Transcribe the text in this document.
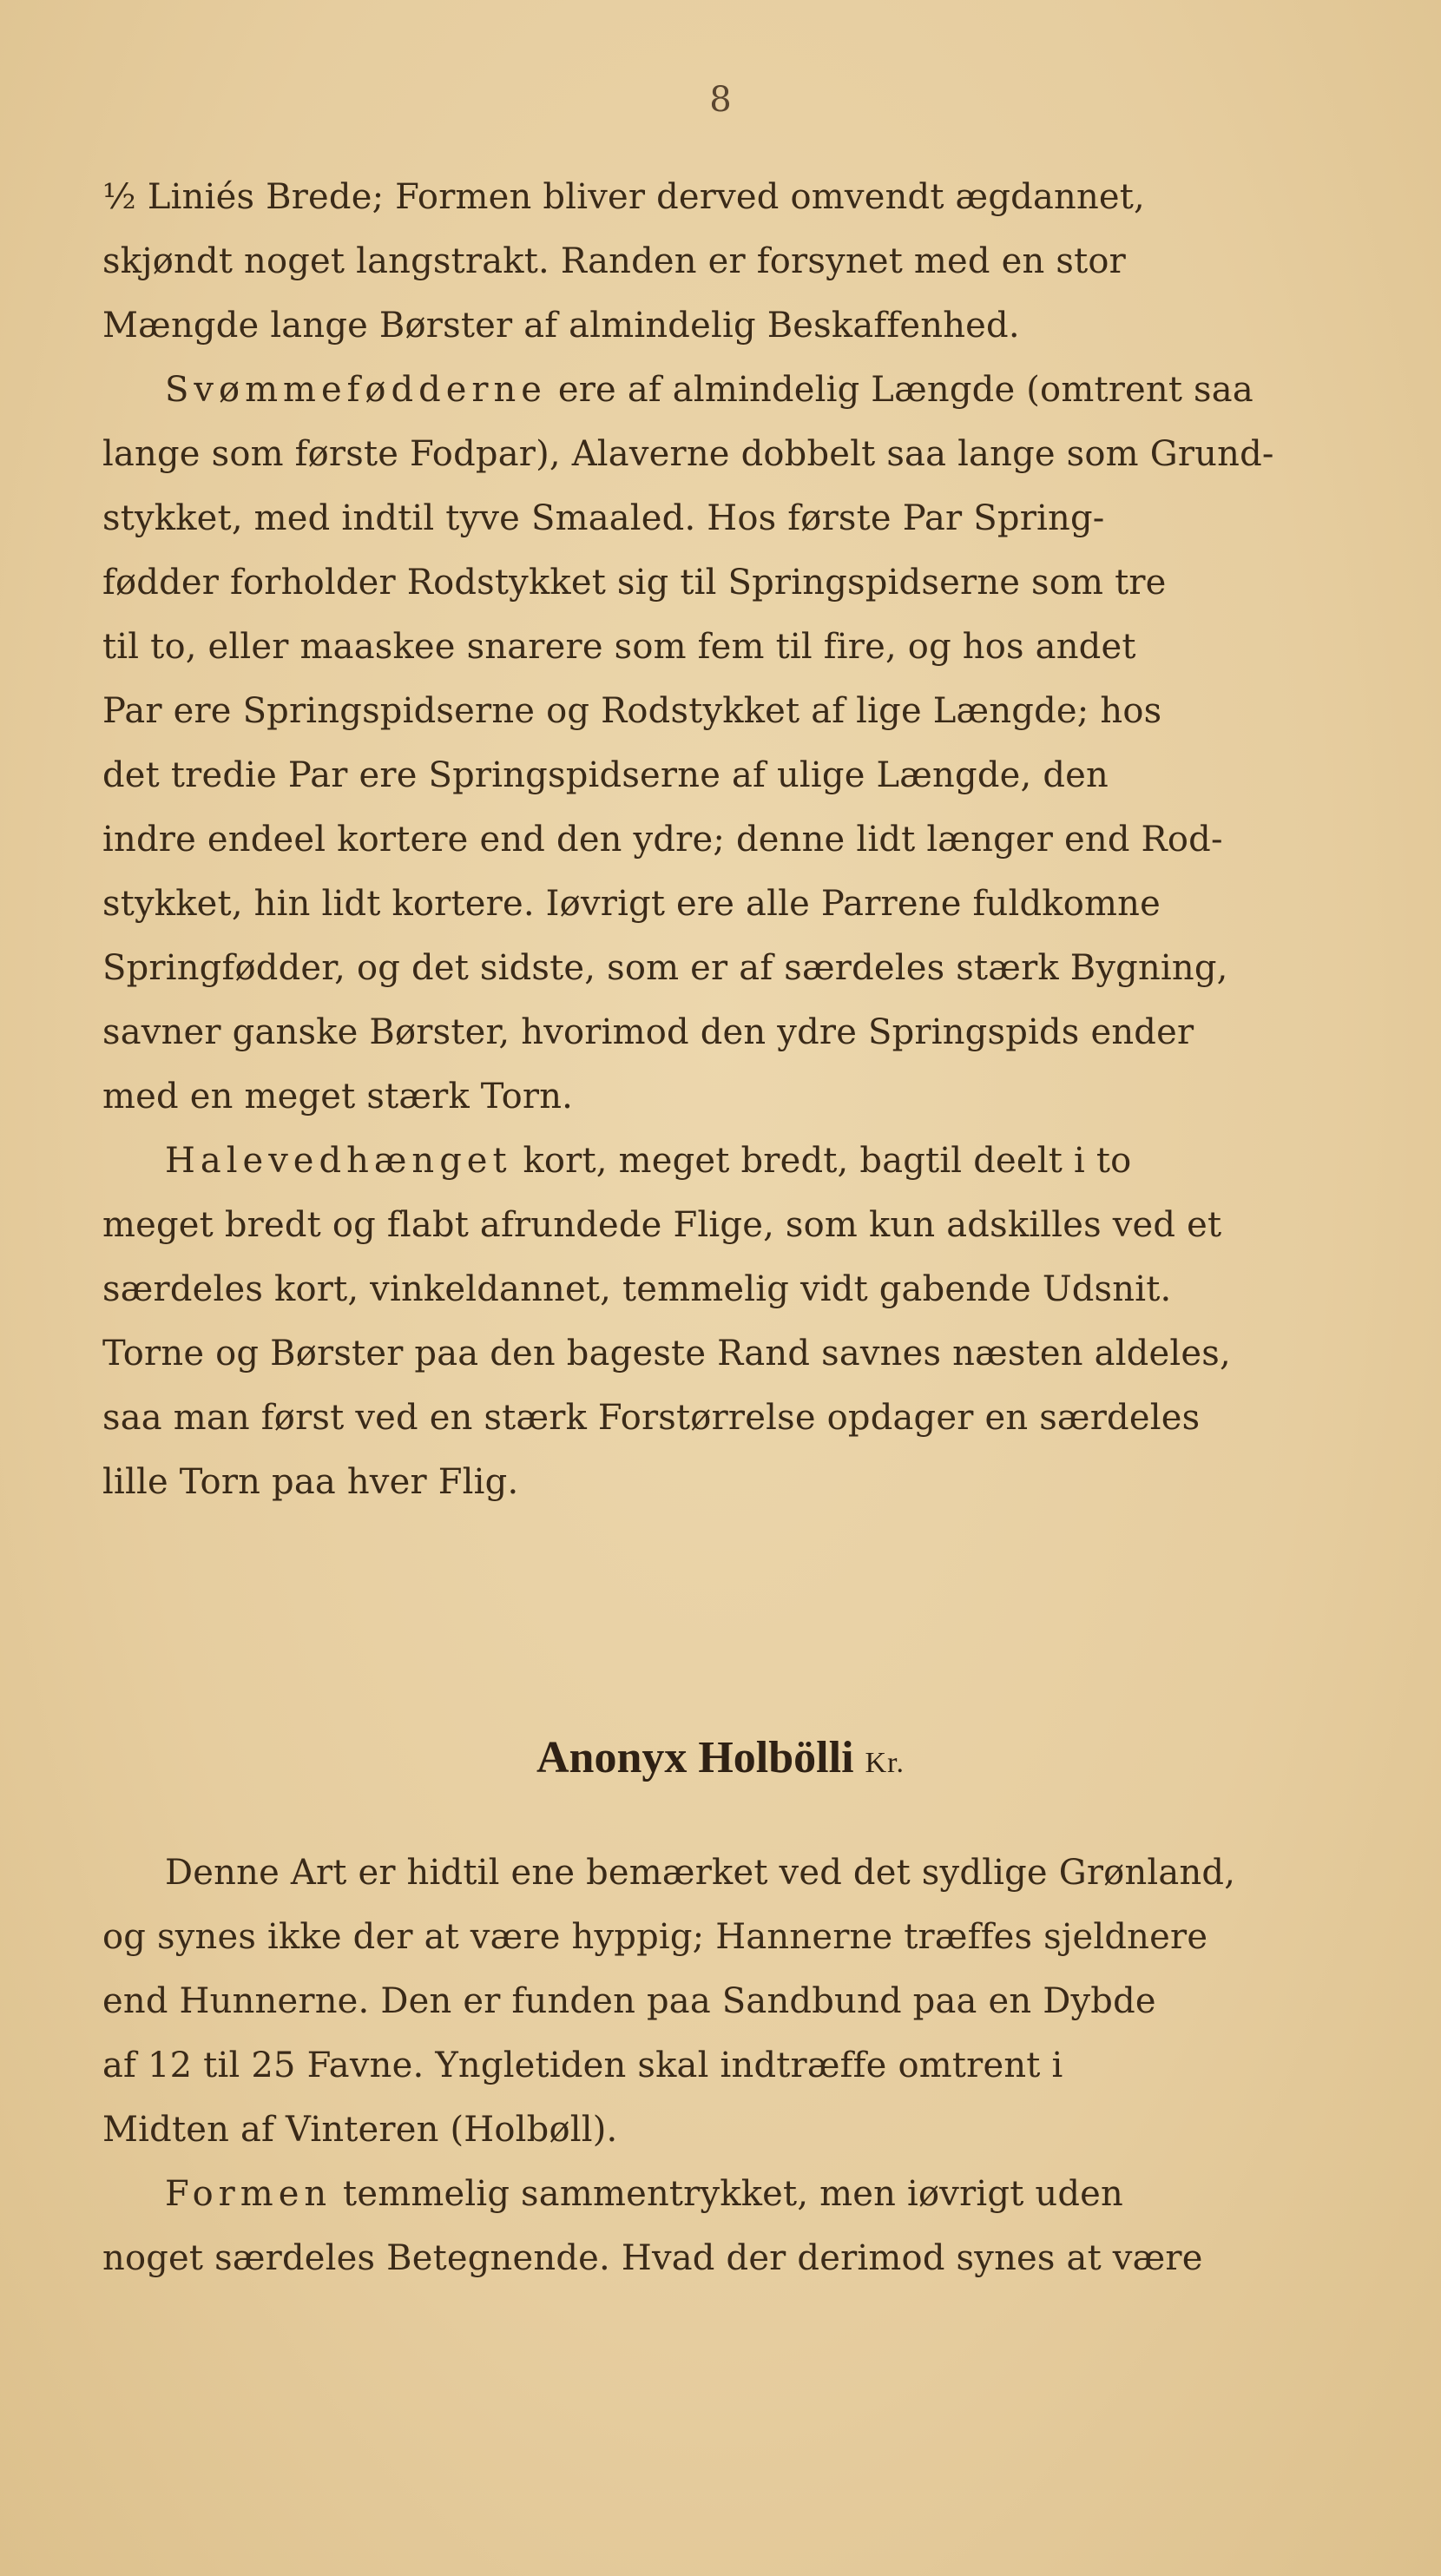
8

½ Liniés Brede; Formen bliver derved omvendt ægdannet,
skjøndt noget langstrakt. Randen er forsynet med en stor
Mængde lange Børster af almindelig Beskaffenhed.

Svømmefødderne ere af almindelig Længde (omtrent saa
lange som første Fodpar), Alaverne dobbelt saa lange som Grund-
stykket, med indtil tyve Smaaled. Hos første Par Spring-
fødder forholder Rodstykket sig til Springspidserne som tre
til to, eller maaskee snarere som fem til fire, og hos andet
Par ere Springspidserne og Rodstykket af lige Længde; hos
det tredie Par ere Springspidserne af ulige Længde, den
indre endeel kortere end den ydre; denne lidt længer end Rod-
stykket, hin lidt kortere. Iøvrigt ere alle Parrene fuldkomne
Springfødder, og det sidste, som er af særdeles stærk Bygning,
savner ganske Børster, hvorimod den ydre Springspids ender
med en meget stærk Torn.

Halevedhænget kort, meget bredt, bagtil deelt i to
meget bredt og flabt afrundede Flige, som kun adskilles ved et
særdeles kort, vinkeldannet, temmelig vidt gabende Udsnit.
Torne og Børster paa den bageste Rand savnes næsten aldeles,
saa man først ved en stærk Forstørrelse opdager en særdeles
lille Torn paa hver Flig.

Anonyx Holbölli Kr.

Denne Art er hidtil ene bemærket ved det sydlige Grønland,
og synes ikke der at være hyppig; Hannerne træffes sjeldnere
end Hunnerne. Den er funden paa Sandbund paa en Dybde
af 12 til 25 Favne. Yngletiden skal indtræffe omtrent i
Midten af Vinteren (Holbøll).

Formen temmelig sammentrykket, men iøvrigt uden
noget særdeles Betegnende. Hvad der derimod synes at være
